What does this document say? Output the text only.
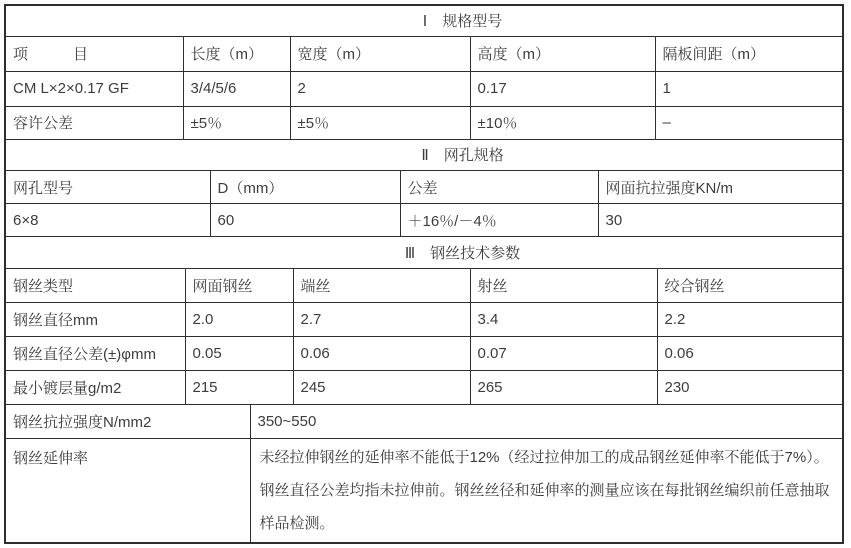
Ⅰ　规格型号				
项　　　目	长度（m）	宽度（m）	高度（m）	隔板间距（m）
CM L×2×0.17 GF	3/4/5/6	2	0.17	1
容许公差	±5％	±5％	±10％	–
Ⅱ　网孔规格			
网孔型号	D（mm）	公差	网面抗拉强度KN/m
6×8	60	＋16％/－4％	30
Ⅲ　钢丝技术参数				
钢丝类型	网面钢丝	端丝	射丝	绞合钢丝
钢丝直径mm	2.0	2.7	3.4	2.2
钢丝直径公差(±)φmm	0.05	0.06	0.07	0.06
最小镀层量g/m2	215	245	265	230
钢丝抗拉强度N/mm2	350~550
钢丝延伸率	未经拉伸钢丝的延伸率不能低于12%（经过拉伸加工的成品钢丝延伸率不能低于7%）。钢丝直径公差均指未拉伸前。钢丝丝径和延伸率的测量应该在每批钢丝编织前任意抽取样品检测。
